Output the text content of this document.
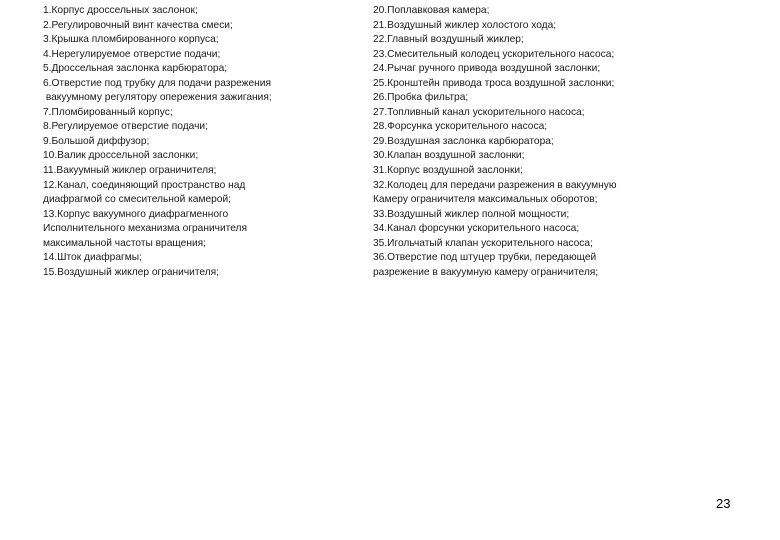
1.Корпус дроссельных заслонок;
2.Регулировочный винт качества смеси;
3.Крышка пломбированного корпуса;
4.Нерегулируемое отверстие подачи;
5.Дроссельная заслонка карбюратора;
6.Отверстие под трубку для подачи разрежения
вакуумному регулятору опережения зажигания;
7.Пломбированный корпус;
8.Регулируемое отверстие подачи;
9.Большой диффузор;
10.Валик дроссельной заслонки;
11.Вакуумный жиклер ограничителя;
12.Канал, соединяющий пространство над
диафрагмой со смесительной камерой;
13.Корпус вакуумного диафрагменного
Исполнительного механизма ограничителя
максимальной частоты вращения;
14.Шток диафрагмы;
15.Воздушный жиклер ограничителя;
20.Поплавковая камера;
21.Воздушный жиклер холостого хода;
22.Главный воздушный жиклер;
23.Смесительный колодец ускорительного насоса;
24.Рычаг ручного привода воздушной заслонки;
25.Кронштейн привода троса воздушной заслонки;
26.Пробка фильтра;
27.Топливный канал ускорительного насоса;
28.Форсунка ускорительного насоса;
29.Воздушная заслонка карбюратора;
30.Клапан воздушной заслонки;
31.Корпус воздушной заслонки;
32.Колодец для передачи разрежения в вакуумную
Камеру ограничителя максимальных оборотов;
33.Воздушный жиклер полной мощности;
34.Канал форсунки ускорительного насоса;
35.Игольчатый клапан ускорительного насоса;
36.Отверстие под штуцер трубки, передающей
разрежение в вакуумную камеру ограничителя;
23
